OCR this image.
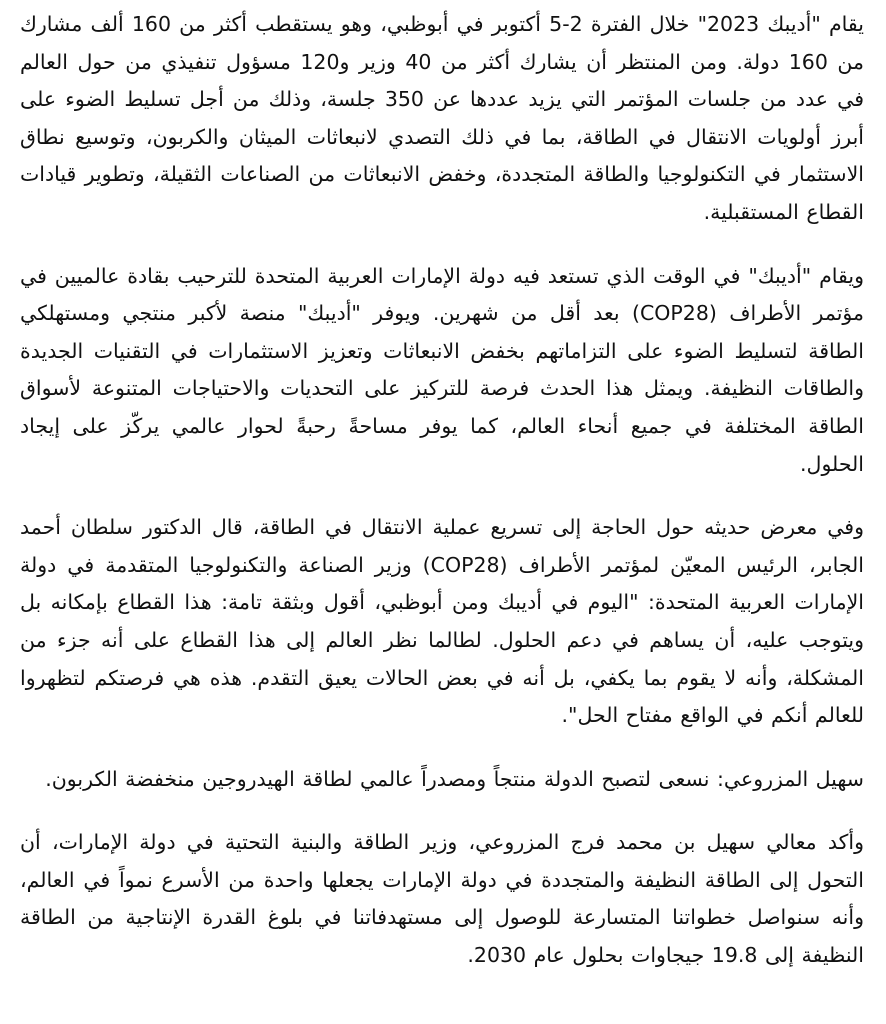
يقام "أديبك 2023" خلال الفترة 2-5 أكتوبر في أبوظبي، وهو يستقطب أكثر من 160 ألف مشارك من 160 دولة. ومن المنتظر أن يشارك أكثر من 40 وزير و120 مسؤول تنفيذي من حول العالم في عدد من جلسات المؤتمر التي يزيد عددها عن 350 جلسة، وذلك من أجل تسليط الضوء على أبرز أولويات الانتقال في الطاقة، بما في ذلك التصدي لانبعاثات الميثان والكربون، وتوسيع نطاق الاستثمار في التكنولوجيا والطاقة المتجددة، وخفض الانبعاثات من الصناعات الثقيلة، وتطوير قيادات القطاع المستقبلية.

ويقام "أديبك" في الوقت الذي تستعد فيه دولة الإمارات العربية المتحدة للترحيب بقادة عالميين في مؤتمر الأطراف (COP28) بعد أقل من شهرين. ويوفر "أديبك" منصة لأكبر منتجي ومستهلكي الطاقة لتسليط الضوء على التزاماتهم بخفض الانبعاثات وتعزيز الاستثمارات في التقنيات الجديدة والطاقات النظيفة. ويمثل هذا الحدث فرصة للتركيز على التحديات والاحتياجات المتنوعة لأسواق الطاقة المختلفة في جميع أنحاء العالم، كما يوفر مساحةً رحبةً لحوار عالمي يركّز على إيجاد الحلول.

وفي معرض حديثه حول الحاجة إلى تسريع عملية الانتقال في الطاقة، قال الدكتور سلطان أحمد الجابر، الرئيس المعيّن لمؤتمر الأطراف (COP28) وزير الصناعة والتكنولوجيا المتقدمة في دولة الإمارات العربية المتحدة: "اليوم في أديبك ومن أبوظبي، أقول وبثقة تامة: هذا القطاع بإمكانه بل ويتوجب عليه، أن يساهم في دعم الحلول. لطالما نظر العالم إلى هذا القطاع على أنه جزء من المشكلة، وأنه لا يقوم بما يكفي، بل أنه في بعض الحالات يعيق التقدم. هذه هي فرصتكم لتظهروا للعالم أنكم في الواقع مفتاح الحل".

سهيل المزروعي: نسعى لتصبح الدولة منتجاً ومصدراً عالمي لطاقة الهيدروجين منخفضة الكربون.

وأكد معالي سهيل بن محمد فرج المزروعي، وزير الطاقة والبنية التحتية في دولة الإمارات، أن التحول إلى الطاقة النظيفة والمتجددة في دولة الإمارات يجعلها واحدة من الأسرع نمواً في العالم، وأنه سنواصل خطواتنا المتسارعة للوصول إلى مستهدفاتنا في بلوغ القدرة الإنتاجية من الطاقة النظيفة إلى 19.8 جيجاوات بحلول عام 2030.
